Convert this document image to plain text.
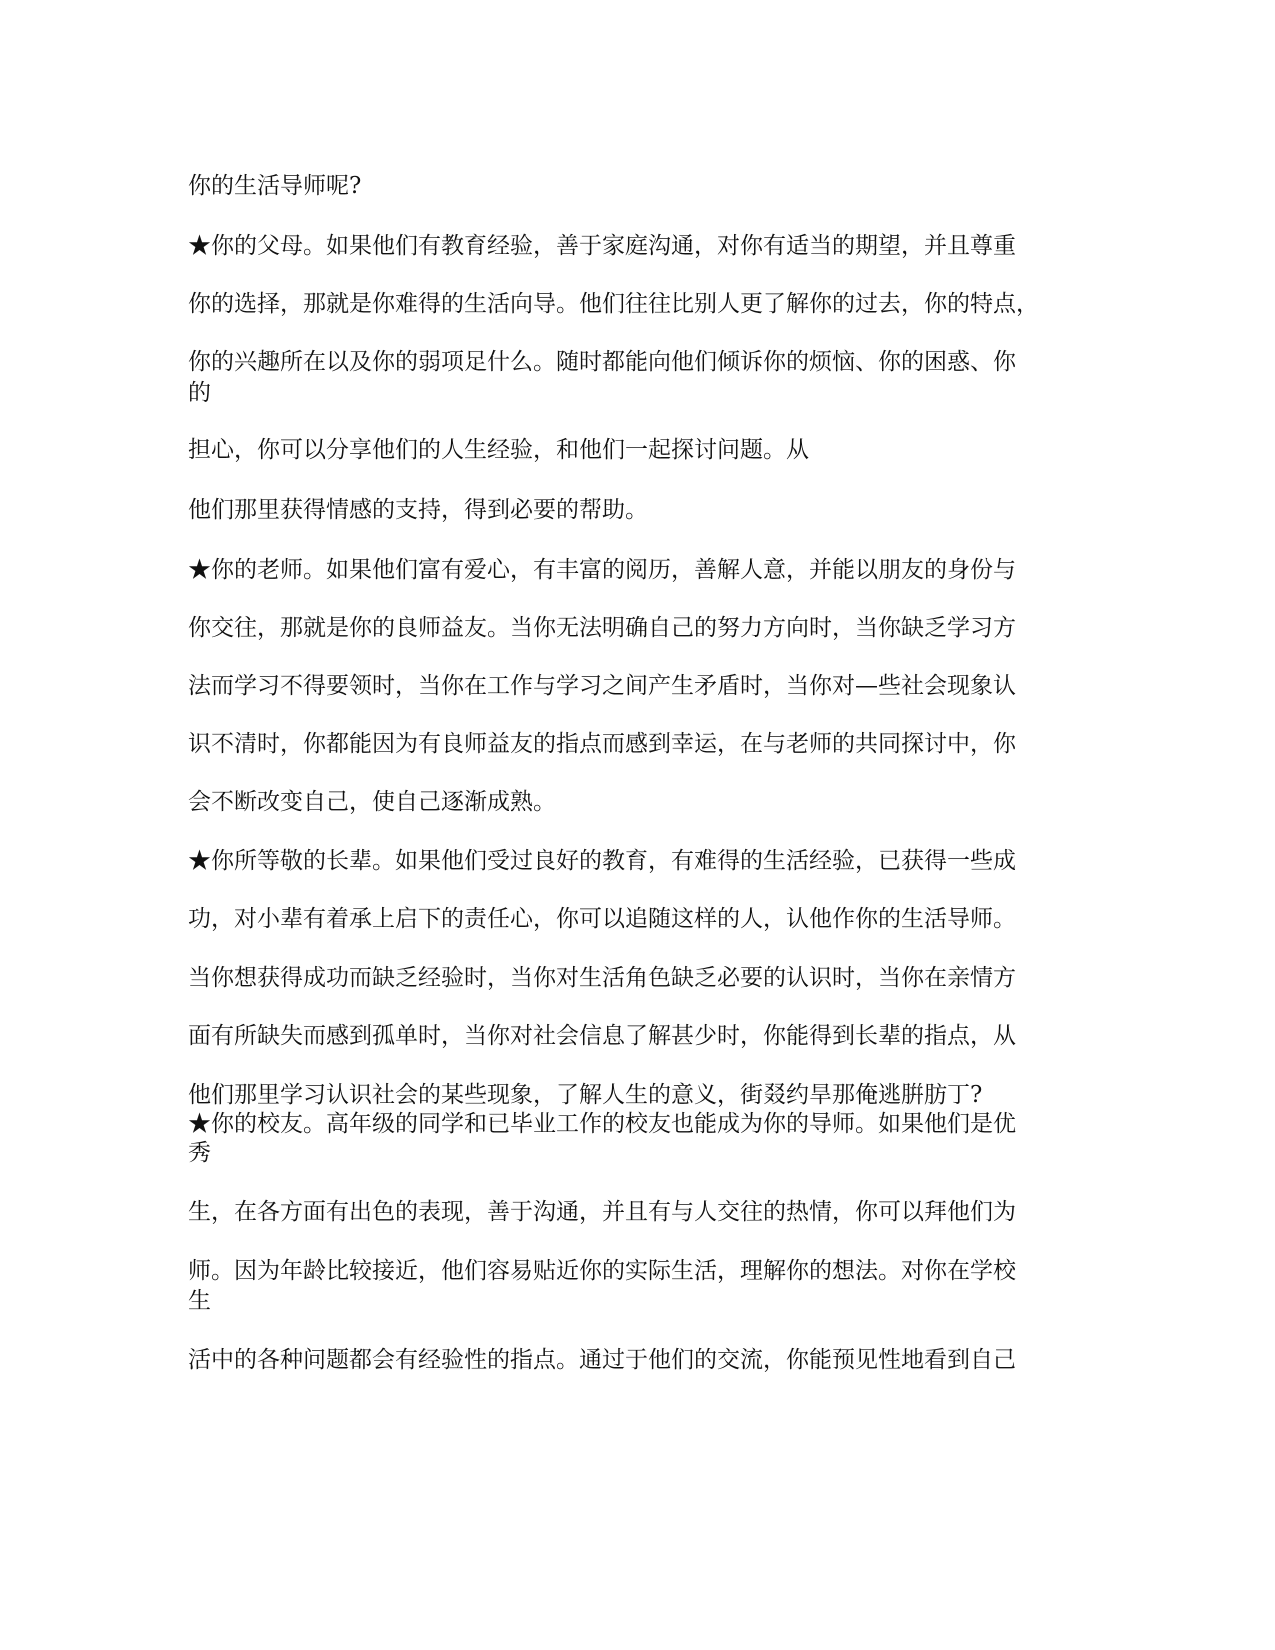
你的生活导师呢?
★你的父母。如果他们有教育经验，善于家庭沟通，对你有适当的期望，并且尊重
你的选择，那就是你难得的生活向导。他们往往比别人更了解你的过去，你的特点，
你的兴趣所在以及你的弱项足什么。随时都能向他们倾诉你的烦恼、你的困惑、你
的
担心，你可以分享他们的人生经验，和他们一起探讨问题。从
他们那里获得情感的支持，得到必要的帮助。
★你的老师。如果他们富有爱心，有丰富的阅历，善解人意，并能以朋友的身份与
你交往，那就是你的良师益友。当你无法明确自己的努力方向时，当你缺乏学习方
法而学习不得要领时，当你在工作与学习之间产生矛盾时，当你对—些社会现象认
识不清时，你都能因为有良师益友的指点而感到幸运，在与老师的共同探讨中，你
会不断改变自己，使自己逐渐成熟。
★你所等敬的长辈。如果他们受过良好的教育，有难得的生活经验，已获得一些成
功，对小辈有着承上启下的责任心，你可以追随这样的人，认他作你的生活导师。
当你想获得成功而缺乏经验时，当你对生活角色缺乏必要的认识时，当你在亲情方
面有所缺失而感到孤单时，当你对社会信息了解甚少时，你能得到长辈的指点，从
他们那里学习认识社会的某些现象，了解人生的意义，街叕约旱那俺逃腁肪丁?
★你的校友。高年级的同学和已毕业工作的校友也能成为你的导师。如果他们是优
秀
生，在各方面有出色的表现，善于沟通，并且有与人交往的热情，你可以拜他们为
师。因为年龄比较接近，他们容易贴近你的实际生活，理解你的想法。对你在学校
生
活中的各种问题都会有经验性的指点。通过于他们的交流，你能预见性地看到自己
